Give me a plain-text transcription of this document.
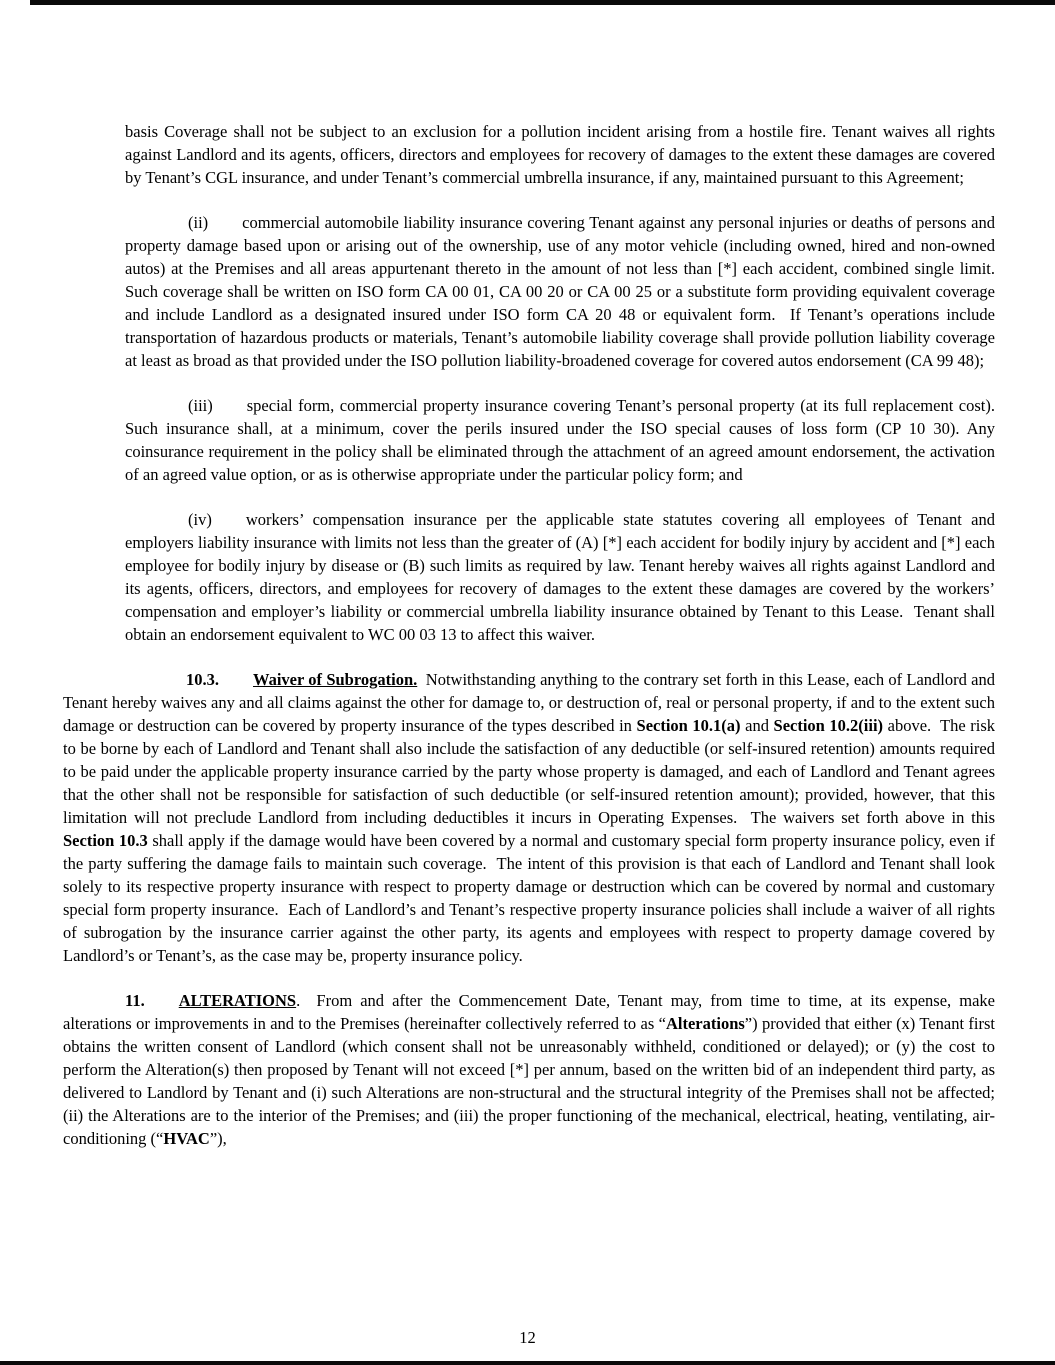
basis Coverage shall not be subject to an exclusion for a pollution incident arising from a hostile fire. Tenant waives all rights against Landlord and its agents, officers, directors and employees for recovery of damages to the extent these damages are covered by Tenant’s CGL insurance, and under Tenant’s commercial umbrella insurance, if any, maintained pursuant to this Agreement;

(ii) commercial automobile liability insurance covering Tenant against any personal injuries or deaths of persons and property damage based upon or arising out of the ownership, use of any motor vehicle (including owned, hired and non-owned autos) at the Premises and all areas appurtenant thereto in the amount of not less than [*] each accident, combined single limit.  Such coverage shall be written on ISO form CA 00 01, CA 00 20 or CA 00 25 or a substitute form providing equivalent coverage and include Landlord as a designated insured under ISO form CA 20 48 or equivalent form.  If Tenant’s operations include transportation of hazardous products or materials, Tenant’s automobile liability coverage shall provide pollution liability coverage at least as broad as that provided under the ISO pollution liability-broadened coverage for covered autos endorsement (CA 99 48);

(iii) special form, commercial property insurance covering Tenant’s personal property (at its full replacement cost).  Such insurance shall, at a minimum, cover the perils insured under the ISO special causes of loss form (CP 10 30). Any coinsurance requirement in the policy shall be eliminated through the attachment of an agreed amount endorsement, the activation of an agreed value option, or as is otherwise appropriate under the particular policy form; and

(iv) workers’ compensation insurance per the applicable state statutes covering all employees of Tenant and employers liability insurance with limits not less than the greater of (A) [*] each accident for bodily injury by accident and [*] each employee for bodily injury by disease or (B) such limits as required by law. Tenant hereby waives all rights against Landlord and its agents, officers, directors, and employees for recovery of damages to the extent these damages are covered by the workers’ compensation and employer’s liability or commercial umbrella liability insurance obtained by Tenant to this Lease.  Tenant shall obtain an endorsement equivalent to WC 00 03 13 to affect this waiver.

10.3. Waiver of Subrogation.  Notwithstanding anything to the contrary set forth in this Lease, each of Landlord and Tenant hereby waives any and all claims against the other for damage to, or destruction of, real or personal property, if and to the extent such damage or destruction can be covered by property insurance of the types described in Section 10.1(a) and Section 10.2(iii) above.  The risk to be borne by each of Landlord and Tenant shall also include the satisfaction of any deductible (or self-insured retention) amounts required to be paid under the applicable property insurance carried by the party whose property is damaged, and each of Landlord and Tenant agrees that the other shall not be responsible for satisfaction of such deductible (or self-insured retention amount); provided, however, that this limitation will not preclude Landlord from including deductibles it incurs in Operating Expenses.  The waivers set forth above in this Section 10.3 shall apply if the damage would have been covered by a normal and customary special form property insurance policy, even if the party suffering the damage fails to maintain such coverage.  The intent of this provision is that each of Landlord and Tenant shall look solely to its respective property insurance with respect to property damage or destruction which can be covered by normal and customary special form property insurance.  Each of Landlord’s and Tenant’s respective property insurance policies shall include a waiver of all rights of subrogation by the insurance carrier against the other party, its agents and employees with respect to property damage covered by Landlord’s or Tenant’s, as the case may be, property insurance policy.

11. ALTERATIONS.  From and after the Commencement Date, Tenant may, from time to time, at its expense, make alterations or improvements in and to the Premises (hereinafter collectively referred to as “Alterations”) provided that either (x) Tenant first obtains the written consent of Landlord (which consent shall not be unreasonably withheld, conditioned or delayed); or (y) the cost to perform the Alteration(s) then proposed by Tenant will not exceed [*] per annum, based on the written bid of an independent third party, as delivered to Landlord by Tenant and (i) such Alterations are non-structural and the structural integrity of the Premises shall not be affected; (ii) the Alterations are to the interior of the Premises; and (iii) the proper functioning of the mechanical, electrical, heating, ventilating, air-conditioning (“HVAC”),

12
